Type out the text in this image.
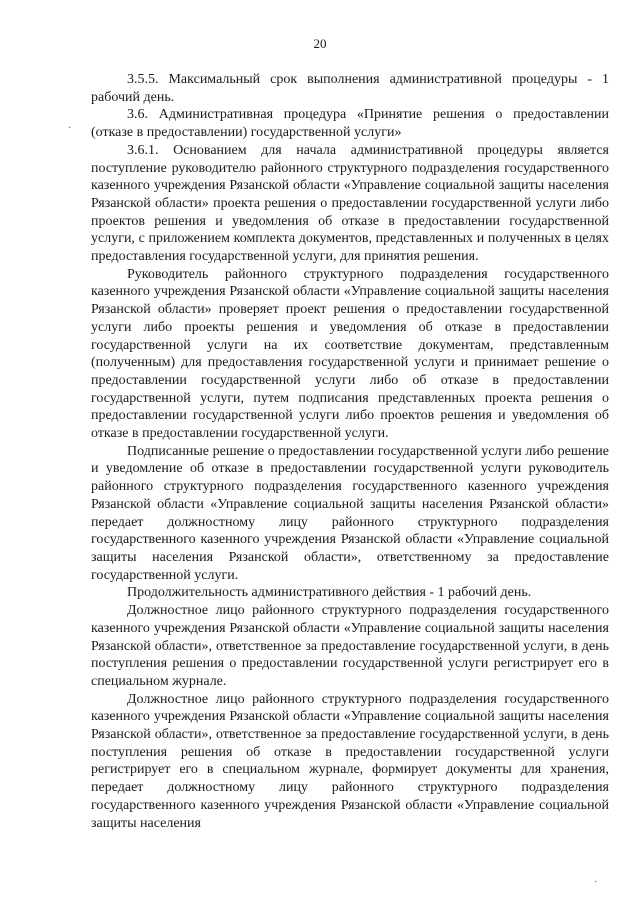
20
·
·

3.5.5. Максимальный срок выполнения административной процедуры - 1 рабочий день.

3.6. Административная процедура «Принятие решения о предоставлении (отказе в предоставлении) государственной услуги»

3.6.1. Основанием для начала административной процедуры является поступление руководителю районного структурного подразделения государственного казенного учреждения Рязанской области «Управление социальной защиты населения Рязанской области» проекта решения о предоставлении государственной услуги либо проектов решения и уведомления об отказе в предоставлении государственной услуги, с приложением комплекта документов, представленных и полученных в целях предоставления государственной услуги, для принятия решения.

Руководитель районного структурного подразделения государственного казенного учреждения Рязанской области «Управление социальной защиты населения Рязанской области» проверяет проект решения о предоставлении государственной услуги либо проекты решения и уведомления об отказе в предоставлении государственной услуги на их соответствие документам, представленным (полученным) для предоставления государственной услуги и принимает решение о предоставлении государственной услуги либо об отказе в предоставлении государственной услуги, путем подписания представленных проекта решения о предоставлении государственной услуги либо проектов решения и уведомления об отказе в предоставлении государственной услуги.

Подписанные решение о предоставлении государственной услуги либо решение и уведомление об отказе в предоставлении государственной услуги руководитель районного структурного подразделения государственного казенного учреждения Рязанской области «Управление социальной защиты населения Рязанской области» передает должностному лицу районного структурного подразделения государственного казенного учреждения Рязанской области «Управление социальной защиты населения Рязанской области», ответственному за предоставление государственной услуги.

Продолжительность административного действия - 1 рабочий день.

Должностное лицо районного структурного подразделения государственного казенного учреждения Рязанской области «Управление социальной защиты населения Рязанской области», ответственное за предоставление государственной услуги, в день поступления решения о предоставлении государственной услуги регистрирует его в специальном журнале.

Должностное лицо районного структурного подразделения государственного казенного учреждения Рязанской области «Управление социальной защиты населения Рязанской области», ответственное за предоставление государственной услуги, в день поступления решения об отказе в предоставлении государственной услуги регистрирует его в специальном журнале, формирует документы для хранения, передает должностному лицу районного структурного подразделения государственного казенного учреждения Рязанской области «Управление социальной защиты населения
